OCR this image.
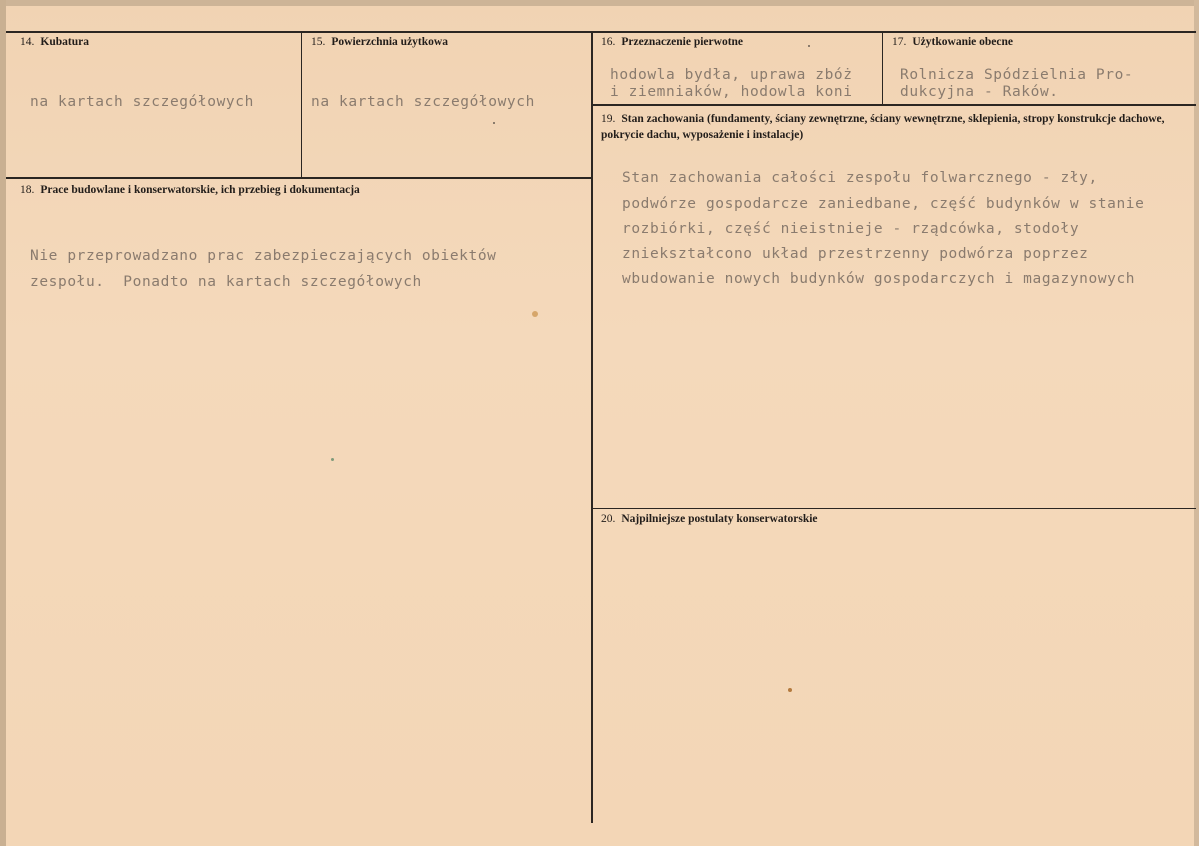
14. Kubatura
na kartach szczegółowych
15. Powierzchnia użytkowa
na kartach szczegółowych
16. Przeznaczenie pierwotne
hodowla bydła, uprawa zbóż
i ziemniaków, hodowla koni
17. Użytkowanie obecne
Rolnicza Spódzielnia Pro-
dukcyjna - Raków.
18. Prace budowlane i konserwatorskie, ich przebieg i dokumentacja
Nie przeprowadzano prac zabezpieczających obiektów
zespołu.  Ponadto na kartach szczegółowych
19. Stan zachowania (fundamenty, ściany zewnętrzne, ściany wewnętrzne, sklepienia, stropy konstrukcje dachowe, pokrycie dachu, wyposażenie i instalacje)
Stan zachowania całości zespołu folwarcznego - zły,
podwórze gospodarcze zaniedbane, część budynków w stanie
rozbiórki, część nieistnieje - rządcówka, stodoły
zniekształcono układ przestrzenny podwórza poprzez
wbudowanie nowych budynków gospodarczych i magazynowych
20. Najpilniejsze postulaty konserwatorskie
